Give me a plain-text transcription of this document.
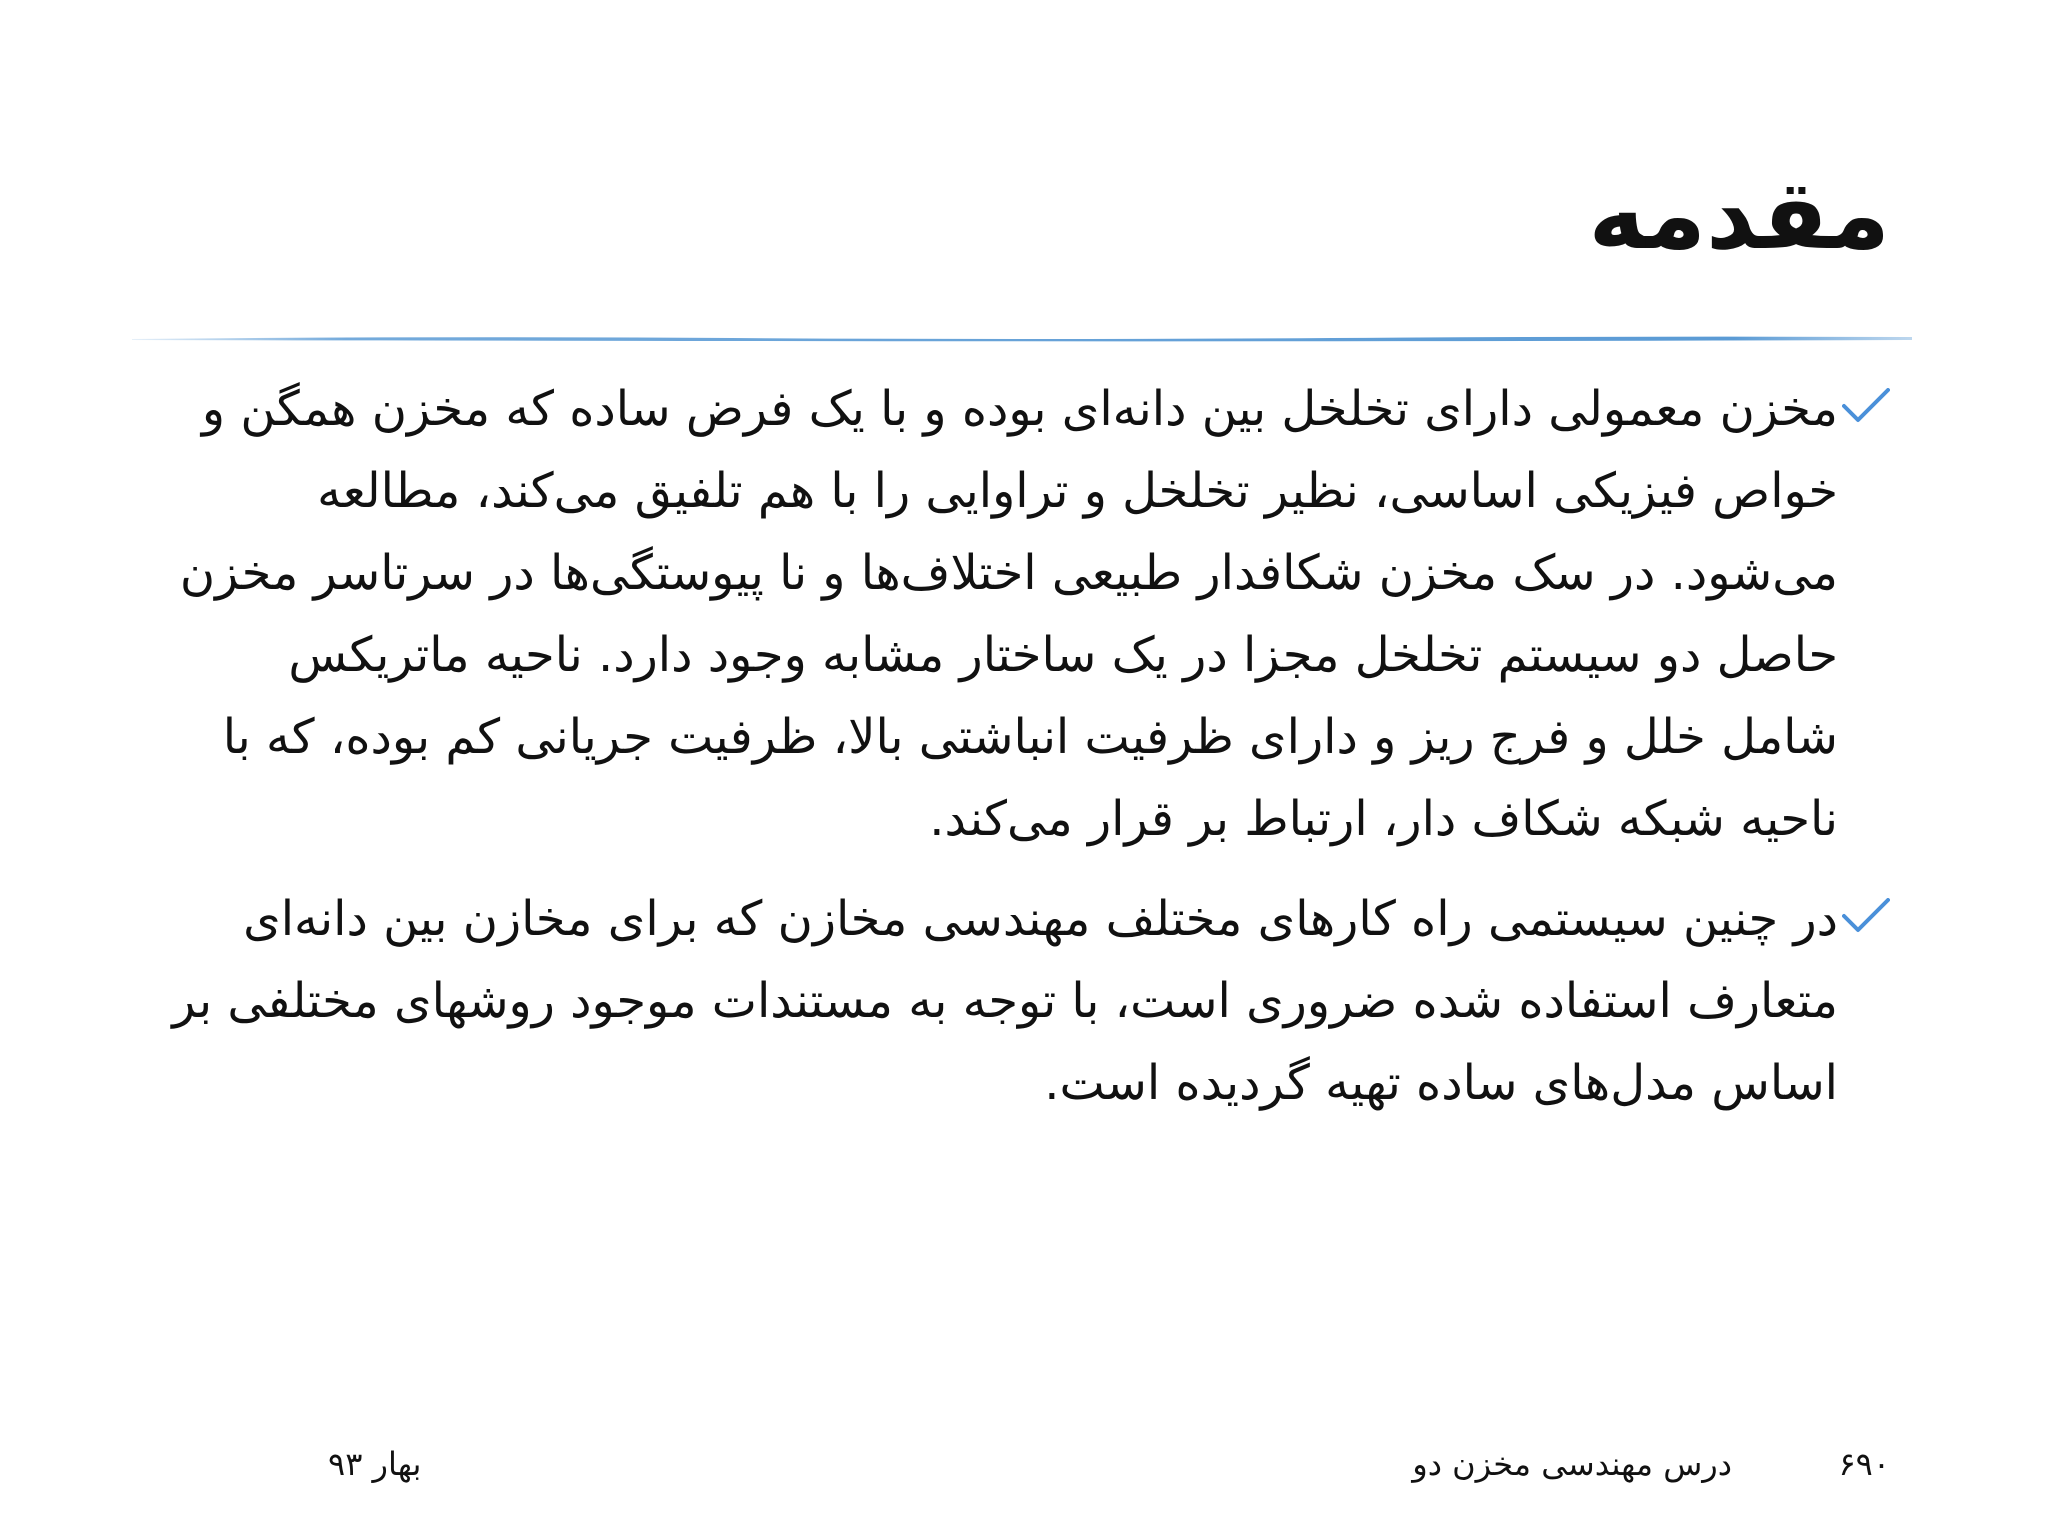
مقدمه
مخزن معمولی دارای تخلخل بین دانه‌ای بوده و با یک فرض ساده که مخزن همگن و خواص فیزیکی اساسی، نظیر تخلخل و تراوایی را با هم تلفیق می‌کند، مطالعه می‌شود. در سک مخزن شکافدار طبیعی اختلاف‌ها و نا پیوستگی‌ها در سرتاسر مخزن حاصل دو سیستم تخلخل مجزا در یک ساختار مشابه وجود دارد. ناحیه ماتریکس شامل خلل و فرج ریز و دارای ظرفیت انباشتی بالا، ظرفیت جریانی کم بوده، که با ناحیه شبکه شکاف دار، ارتباط بر قرار می‌کند.
در چنین سیستمی راه کارهای مختلف مهندسی مخازن که برای مخازن بین دانه‌ای متعارف استفاده شده ضروری است، با توجه به مستندات موجود روشهای مختلفی بر اساس مدل‌های ساده تهیه گردیده است.
۶۹۰
درس مهندسی مخزن دو
بهار ۹۳
